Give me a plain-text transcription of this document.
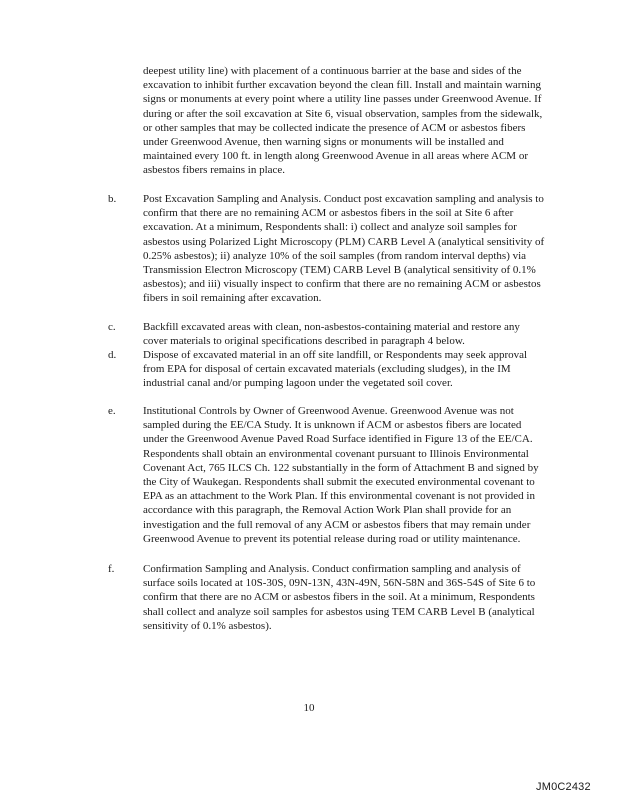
deepest utility line) with placement of a continuous barrier at the base and sides of the excavation to inhibit further excavation beyond the clean fill. Install and maintain warning signs or monuments at every point where a utility line passes under Greenwood Avenue. If during or after the soil excavation at Site 6, visual observation, samples from the sidewalk, or other samples that may be collected indicate the presence of ACM or asbestos fibers under Greenwood Avenue, then warning signs or monuments will be installed and maintained every 100 ft. in length along Greenwood Avenue in all areas where ACM or asbestos fibers remains in place.
b. Post Excavation Sampling and Analysis. Conduct post excavation sampling and analysis to confirm that there are no remaining ACM or asbestos fibers in the soil at Site 6 after excavation. At a minimum, Respondents shall: i) collect and analyze soil samples for asbestos using Polarized Light Microscopy (PLM) CARB Level A (analytical sensitivity of 0.25% asbestos); ii) analyze 10% of the soil samples (from random interval depths) via Transmission Electron Microscopy (TEM) CARB Level B (analytical sensitivity of 0.1% asbestos); and iii) visually inspect to confirm that there are no remaining ACM or asbestos fibers in soil remaining after excavation.
c. Backfill excavated areas with clean, non-asbestos-containing material and restore any cover materials to original specifications described in paragraph 4 below.
d. Dispose of excavated material in an off site landfill, or Respondents may seek approval from EPA for disposal of certain excavated materials (excluding sludges), in the IM industrial canal and/or pumping lagoon under the vegetated soil cover.
e. Institutional Controls by Owner of Greenwood Avenue. Greenwood Avenue was not sampled during the EE/CA Study. It is unknown if ACM or asbestos fibers are located under the Greenwood Avenue Paved Road Surface identified in Figure 13 of the EE/CA. Respondents shall obtain an environmental covenant pursuant to Illinois Environmental Covenant Act, 765 ILCS Ch. 122 substantially in the form of Attachment B and signed by the City of Waukegan. Respondents shall submit the executed environmental covenant to EPA as an attachment to the Work Plan. If this environmental covenant is not provided in accordance with this paragraph, the Removal Action Work Plan shall provide for an investigation and the full removal of any ACM or asbestos fibers that may remain under Greenwood Avenue to prevent its potential release during road or utility maintenance.
f.	Confirmation Sampling and Analysis. Conduct confirmation sampling and analysis of surface soils located at 10S-30S, 09N-13N, 43N-49N, 56N-58N and 36S-54S of Site 6 to confirm that there are no ACM or asbestos fibers in the soil. At a minimum, Respondents shall collect and analyze soil samples for asbestos using TEM CARB Level B (analytical sensitivity of 0.1% asbestos).
10
JM0C2432
